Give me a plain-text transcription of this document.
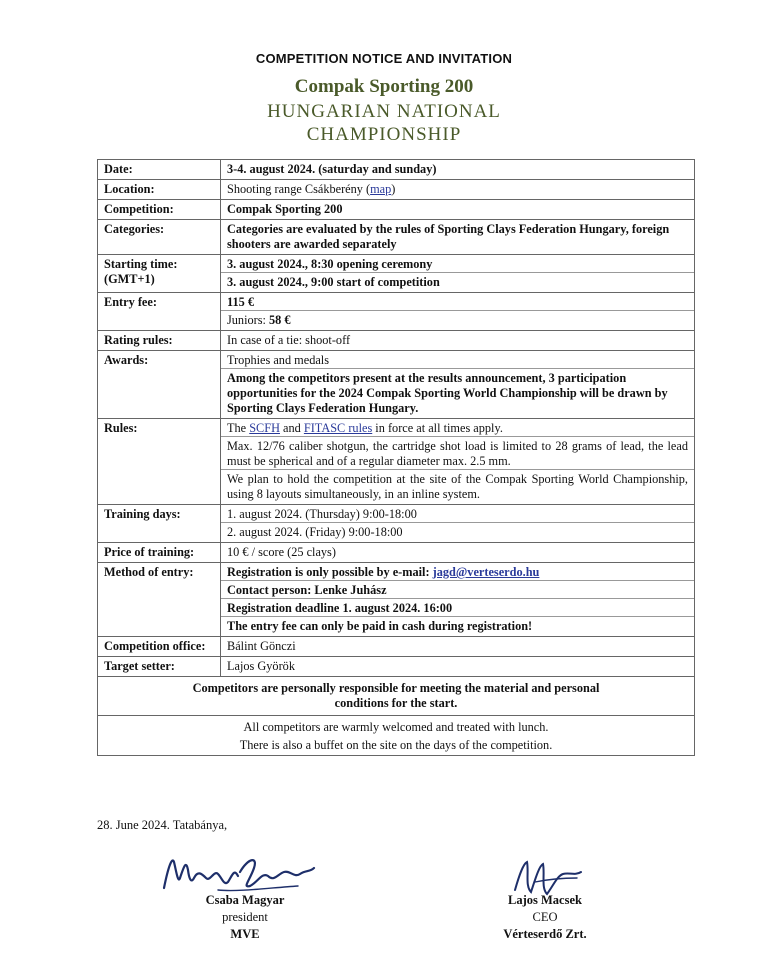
COMPETITION NOTICE AND INVITATION
Compak Sporting 200
HUNGARIAN NATIONAL
CHAMPIONSHIP
Date:	3-4. august 2024. (saturday and sunday)
Location:	Shooting range Csákberény (map)
Competition:	Compak Sporting 200
Categories:	Categories are evaluated by the rules of Sporting Clays Federation Hungary, foreign shooters are awarded separately
Starting time:
(GMT+1)	3. august 2024., 8:30 opening ceremony
3. august 2024., 9:00 start of competition

Entry fee:	115 €
Juniors: 58 €

Rating rules:	In case of a tie: shoot-off
Awards:	Trophies and medals
Among the competitors present at the results announcement, 3 participation opportunities for the 2024 Compak Sporting World Championship will be drawn by Sporting Clays Federation Hungary.

Rules:	The SCFH and FITASC rules in force at all times apply.
Max. 12/76 caliber shotgun, the cartridge shot load is limited to 28 grams of lead, the lead must be spherical and of a regular diameter max. 2.5 mm.
We plan to hold the competition at the site of the Compak Sporting World Championship, using 8 layouts simultaneously, in an inline system.

Training days:	1. august 2024. (Thursday) 9:00-18:00
2. august 2024. (Friday) 9:00-18:00

Price of training:	10 € / score (25 clays)
Method of entry:	Registration is only possible by e-mail: jagd@verteserdo.hu
Contact person: Lenke Juhász
Registration deadline 1. august 2024. 16:00
The entry fee can only be paid in cash during registration!

Competition office:	Bálint Gönczi
Target setter:	Lajos Györök
Competitors are personally responsible for meeting the material and personal conditions for the start.	

All competitors are warmly welcomed and treated with lunch.
There is also a buffet on the site on the days of the competition.	
28. June 2024. Tatabánya,
Csaba Magyar
president
MVE
Lajos Macsek
CEO
Vérteserdő Zrt.
